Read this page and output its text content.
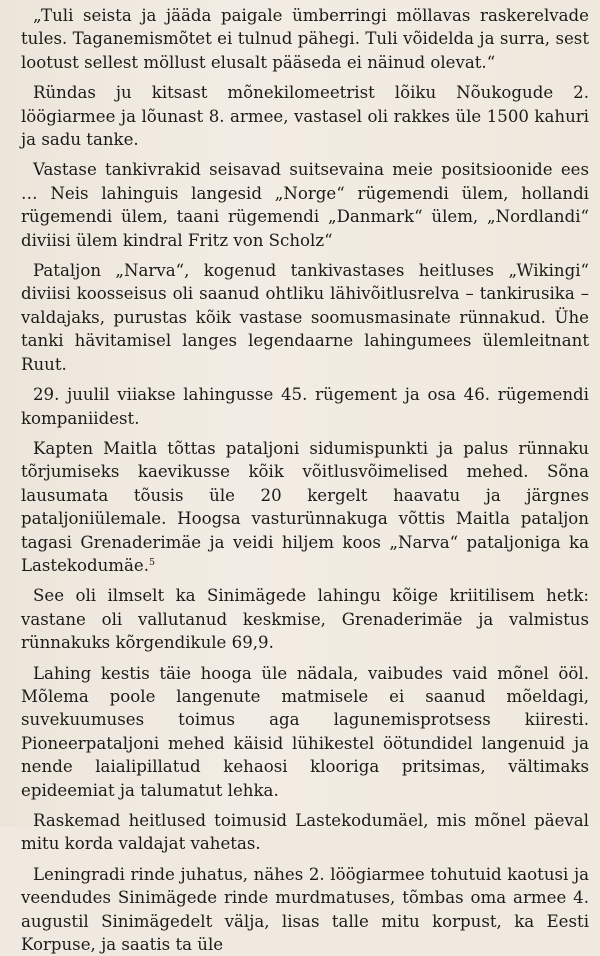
„Tuli seista ja jääda paigale ümberringi möllavas raskerelvade tules. Taganemismõtet ei tulnud pähegi. Tuli võidelda ja surra, sest lootust sellest möllust elusalt pääseda ei näinud olevat.“

Ründas ju kitsast mõnekilomeetrist lõiku Nõukogude 2. löögiarmee ja lõunast 8. armee, vastasel oli rakkes üle 1500 kahuri ja sadu tanke.

Vastase tankivrakid seisavad suitsevaina meie positsioonide ees … Neis lahinguis langesid „Norge“ rügemendi ülem, hollandi rügemendi ülem, taani rügemendi „Danmark“ ülem, „Nordlandi“ diviisi ülem kindral Fritz von Scholz“

Pataljon „Narva“, kogenud tankivastases heitluses „Wikingi“ diviisi koosseisus oli saanud ohtliku lähivõitlusrelva – tankirusika – valdajaks, purustas kõik vastase soomusmasinate rünnakud. Ühe tanki hävitamisel langes legendaarne lahingumees ülemleitnant Ruut.

29. juulil viiakse lahingusse 45. rügement ja osa 46. rügemendi kompaniidest.

Kapten Maitla tõttas pataljoni sidumispunkti ja palus rünnaku tõrjumiseks kaevikusse kõik võitlusvõimelised mehed. Sõna lausumata tõusis üle 20 kergelt haavatu ja järgnes pataljoniülemale. Hoogsa vasturünnakuga võttis Maitla pataljon tagasi Grenaderimäe ja veidi hiljem koos „Narva“ pataljoniga ka Lastekodumäe.$^5$

See oli ilmselt ka Sinimägede lahingu kõige kriitilisem hetk: vastane oli vallutanud keskmise, Grenaderimäe ja valmistus rünnakuks kõrgendikule 69,9.

Lahing kestis täie hooga üle nädala, vaibudes vaid mõnel ööl. Mõlema poole langenute matmisele ei saanud mõeldagi, suvekuumuses toimus aga lagunemisprotsess kiiresti. Pioneerpataljoni mehed käisid lühikestel öötundidel langenuid ja nende laialipillatud kehaosi klooriga pritsimas, vältimaks epideemiat ja talumatut lehka.

Raskemad heitlused toimusid Lastekodumäel, mis mõnel päeval mitu korda valdajat vahetas.

Leningradi rinde juhatus, nähes 2. löögiarmee tohutuid kaotusi ja veendudes Sinimägede rinde murdmatuses, tõmbas oma armee 4. augustil Sinimägedelt välja, lisas talle mitu korpust, ka Eesti Korpuse, ja saatis ta üle
